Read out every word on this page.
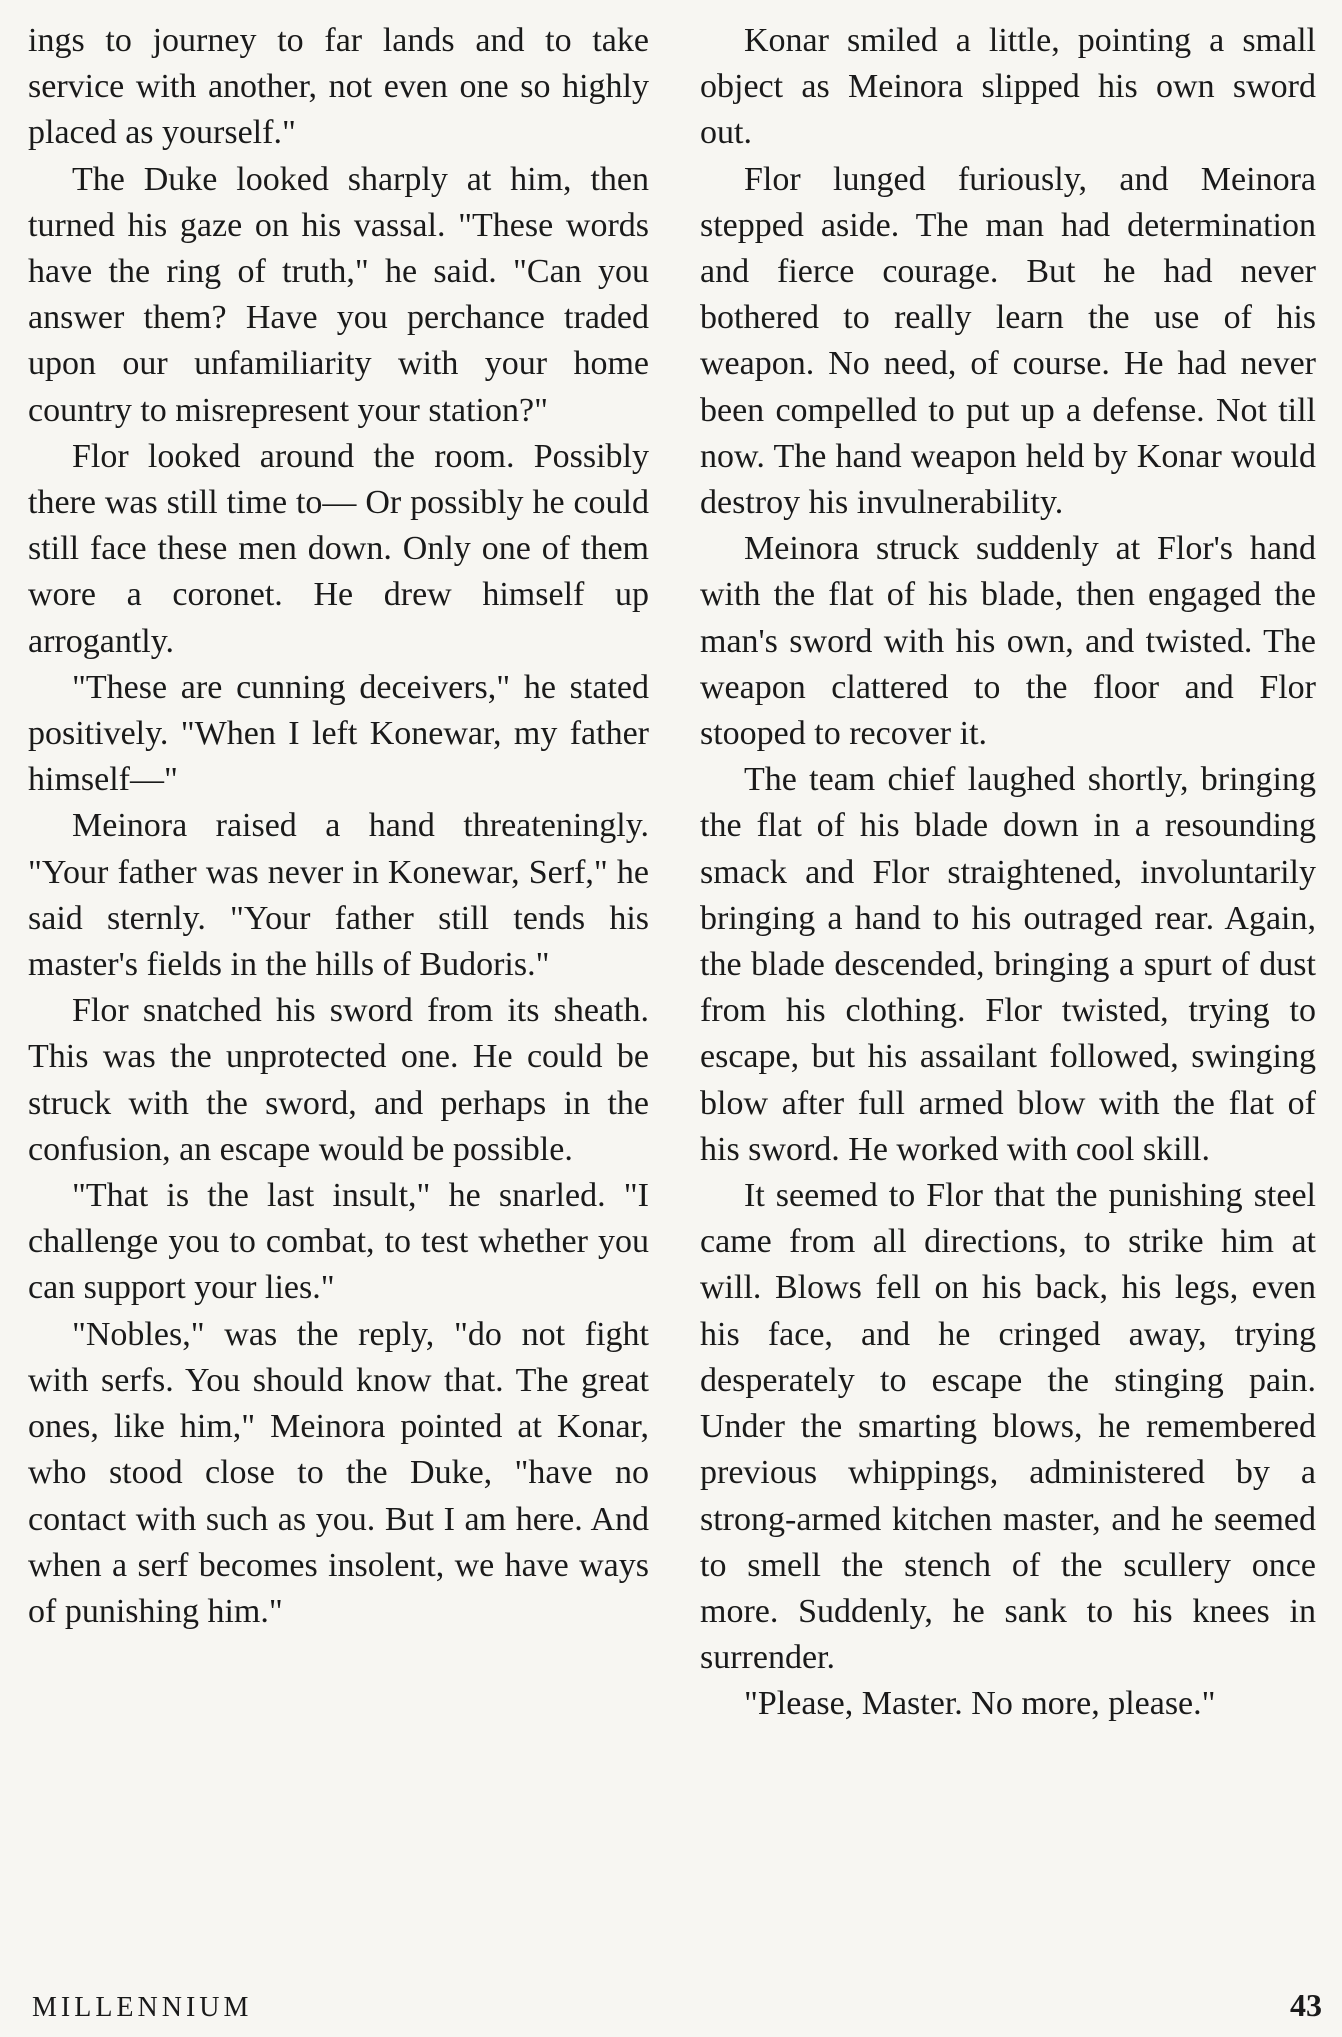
ings to journey to far lands and to take service with another, not even one so highly placed as yourself."

The Duke looked sharply at him, then turned his gaze on his vassal. "These words have the ring of truth," he said. "Can you answer them? Have you perchance traded upon our unfamiliarity with your home country to misrepresent your station?"

Flor looked around the room. Possibly there was still time to— Or possibly he could still face these men down. Only one of them wore a coronet. He drew himself up arrogantly.

"These are cunning deceivers," he stated positively. "When I left Konewar, my father himself—"

Meinora raised a hand threateningly. "Your father was never in Konewar, Serf," he said sternly. "Your father still tends his master's fields in the hills of Budoris."

Flor snatched his sword from its sheath. This was the unprotected one. He could be struck with the sword, and perhaps in the confusion, an escape would be possible.

"That is the last insult," he snarled. "I challenge you to combat, to test whether you can support your lies."

"Nobles," was the reply, "do not fight with serfs. You should know that. The great ones, like him," Meinora pointed at Konar, who stood close to the Duke, "have no contact with such as you. But I am here. And when a serf becomes insolent, we have ways of punishing him."

Konar smiled a little, pointing a small object as Meinora slipped his own sword out.

Flor lunged furiously, and Meinora stepped aside. The man had determination and fierce courage. But he had never bothered to really learn the use of his weapon. No need, of course. He had never been compelled to put up a defense. Not till now. The hand weapon held by Konar would destroy his invulnerability.

Meinora struck suddenly at Flor's hand with the flat of his blade, then engaged the man's sword with his own, and twisted. The weapon clattered to the floor and Flor stooped to recover it.

The team chief laughed shortly, bringing the flat of his blade down in a resounding smack and Flor straightened, involuntarily bringing a hand to his outraged rear. Again, the blade descended, bringing a spurt of dust from his clothing. Flor twisted, trying to escape, but his assailant followed, swinging blow after full armed blow with the flat of his sword. He worked with cool skill.

It seemed to Flor that the punishing steel came from all directions, to strike him at will. Blows fell on his back, his legs, even his face, and he cringed away, trying desperately to escape the stinging pain. Under the smarting blows, he remembered previous whippings, administered by a strong-armed kitchen master, and he seemed to smell the stench of the scullery once more. Suddenly, he sank to his knees in surrender.

"Please, Master. No more, please."

MILLENNIUM	43
